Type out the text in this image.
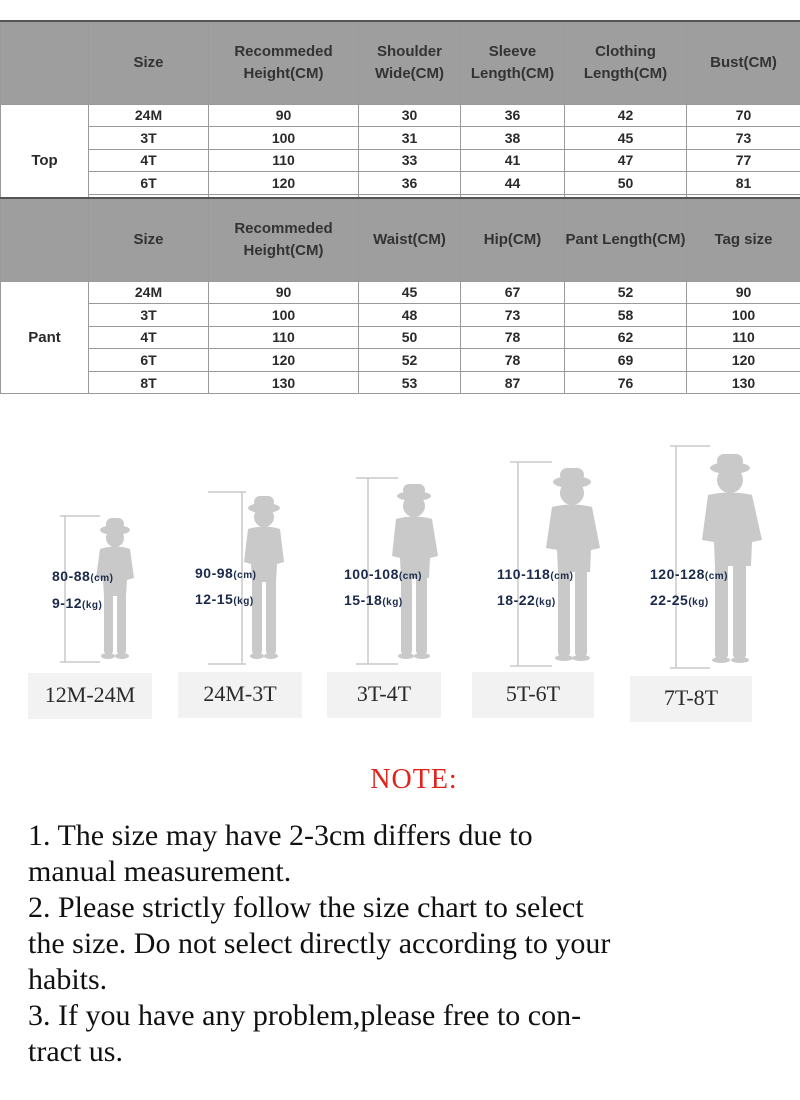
	Size	Recommeded Height(CM)	Shoulder Wide(CM)	Sleeve Length(CM)	Clothing Length(CM)	Bust(CM)
Top	24M	90	30	36	42	70
	3T	100	31	38	45	73
	4T	110	33	41	47	77
	6T	120	36	44	50	81

	Size	Recommeded Height(CM)	Waist(CM)	Hip(CM)	Pant Length(CM)	Tag size
Pant	24M	90	45	67	52	90
	3T	100	48	73	58	100
	4T	110	50	78	62	110
	6T	120	52	78	69	120
	8T	130	53	87	76	130
80-88(cm)
9-12(kg)
12M-24M
90-98(cm)
12-15(kg)
24M-3T
100-108(cm)
15-18(kg)
3T-4T
110-118(cm)
18-22(kg)
5T-6T
120-128(cm)
22-25(kg)
7T-8T
NOTE:
1. The size may have 2-3cm differs due to
manual measurement.
2. Please strictly follow the size chart to select
the size. Do not select directly according to your
habits.
3. If you have any problem,please free to con-
tract us.
